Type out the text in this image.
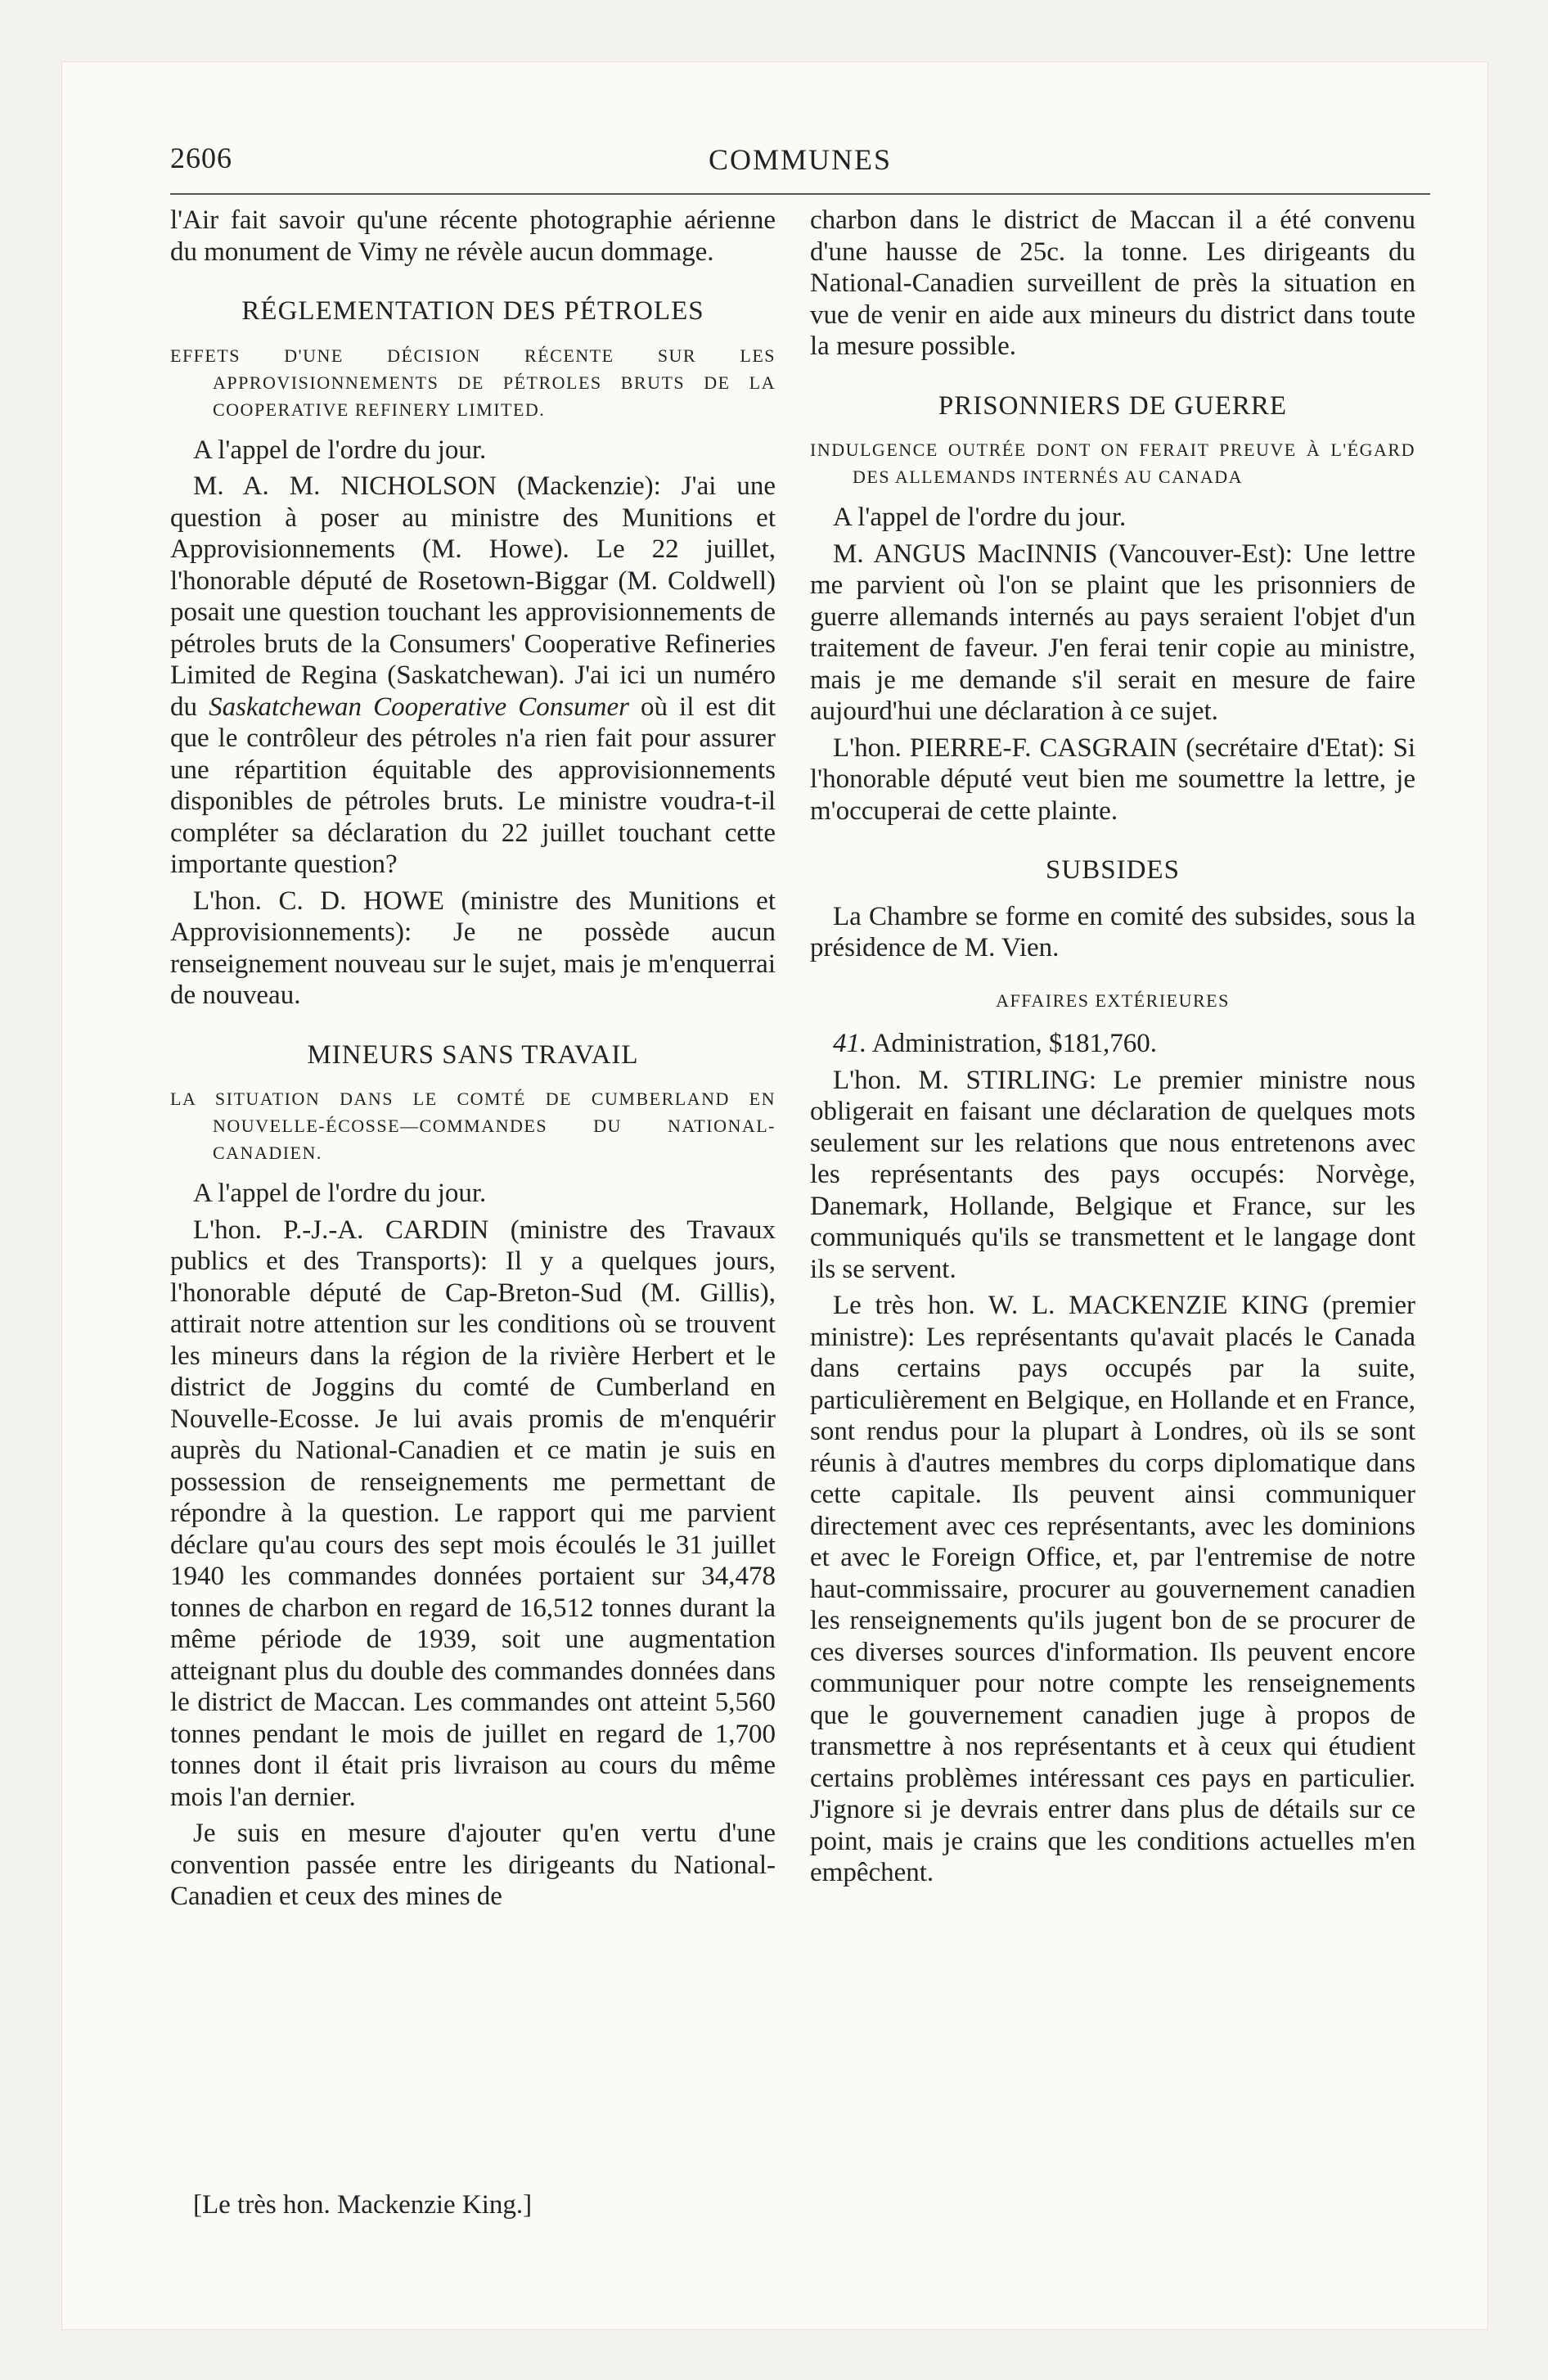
2606	COMMUNES

l'Air fait savoir qu'une récente photographie aérienne du monument de Vimy ne révèle aucun dommage.

RÉGLEMENTATION DES PÉTROLES
EFFETS D'UNE DÉCISION RÉCENTE SUR LES APPROVISIONNEMENTS DE PÉTROLES BRUTS DE LA COOPERATIVE REFINERY LIMITED.

A l'appel de l'ordre du jour.

M. A. M. NICHOLSON (Mackenzie): J'ai une question à poser au ministre des Munitions et Approvisionnements (M. Howe). Le 22 juillet, l'honorable député de Rosetown-Biggar (M. Coldwell) posait une question touchant les approvisionnements de pétroles bruts de la Consumers' Cooperative Refineries Limited de Regina (Saskatchewan). J'ai ici un numéro du Saskatchewan Cooperative Consumer où il est dit que le contrôleur des pétroles n'a rien fait pour assurer une répartition équitable des approvisionnements disponibles de pétroles bruts. Le ministre voudra-t-il compléter sa déclaration du 22 juillet touchant cette importante question?

L'hon. C. D. HOWE (ministre des Munitions et Approvisionnements): Je ne possède aucun renseignement nouveau sur le sujet, mais je m'enquerrai de nouveau.

MINEURS SANS TRAVAIL
LA SITUATION DANS LE COMTÉ DE CUMBERLAND EN NOUVELLE-ÉCOSSE—COMMANDES DU NATIONAL-CANADIEN.

A l'appel de l'ordre du jour.

L'hon. P.-J.-A. CARDIN (ministre des Travaux publics et des Transports): Il y a quelques jours, l'honorable député de Cap-Breton-Sud (M. Gillis), attirait notre attention sur les conditions où se trouvent les mineurs dans la région de la rivière Herbert et le district de Joggins du comté de Cumberland en Nouvelle-Ecosse. Je lui avais promis de m'enquérir auprès du National-Canadien et ce matin je suis en possession de renseignements me permettant de répondre à la question. Le rapport qui me parvient déclare qu'au cours des sept mois écoulés le 31 juillet 1940 les commandes données portaient sur 34,478 tonnes de charbon en regard de 16,512 tonnes durant la même période de 1939, soit une augmentation atteignant plus du double des commandes données dans le district de Maccan. Les commandes ont atteint 5,560 tonnes pendant le mois de juillet en regard de 1,700 tonnes dont il était pris livraison au cours du même mois l'an dernier.

Je suis en mesure d'ajouter qu'en vertu d'une convention passée entre les dirigeants du National-Canadien et ceux des mines de

[Le très hon. Mackenzie King.]

charbon dans le district de Maccan il a été convenu d'une hausse de 25c. la tonne. Les dirigeants du National-Canadien surveillent de près la situation en vue de venir en aide aux mineurs du district dans toute la mesure possible.

PRISONNIERS DE GUERRE
INDULGENCE OUTRÉE DONT ON FERAIT PREUVE À L'ÉGARD DES ALLEMANDS INTERNÉS AU CANADA

A l'appel de l'ordre du jour.

M. ANGUS MacINNIS (Vancouver-Est): Une lettre me parvient où l'on se plaint que les prisonniers de guerre allemands internés au pays seraient l'objet d'un traitement de faveur. J'en ferai tenir copie au ministre, mais je me demande s'il serait en mesure de faire aujourd'hui une déclaration à ce sujet.

L'hon. PIERRE-F. CASGRAIN (secrétaire d'Etat): Si l'honorable député veut bien me soumettre la lettre, je m'occuperai de cette plainte.

SUBSIDES

La Chambre se forme en comité des subsides, sous la présidence de M. Vien.

AFFAIRES EXTÉRIEURES

41. Administration, $181,760.

L'hon. M. STIRLING: Le premier ministre nous obligerait en faisant une déclaration de quelques mots seulement sur les relations que nous entretenons avec les représentants des pays occupés: Norvège, Danemark, Hollande, Belgique et France, sur les communiqués qu'ils se transmettent et le langage dont ils se servent.

Le très hon. W. L. MACKENZIE KING (premier ministre): Les représentants qu'avait placés le Canada dans certains pays occupés par la suite, particulièrement en Belgique, en Hollande et en France, sont rendus pour la plupart à Londres, où ils se sont réunis à d'autres membres du corps diplomatique dans cette capitale. Ils peuvent ainsi communiquer directement avec ces représentants, avec les dominions et avec le Foreign Office, et, par l'entremise de notre haut-commissaire, procurer au gouvernement canadien les renseignements qu'ils jugent bon de se procurer de ces diverses sources d'information. Ils peuvent encore communiquer pour notre compte les renseignements que le gouvernement canadien juge à propos de transmettre à nos représentants et à ceux qui étudient certains problèmes intéressant ces pays en particulier. J'ignore si je devrais entrer dans plus de détails sur ce point, mais je crains que les conditions actuelles m'en empêchent.
